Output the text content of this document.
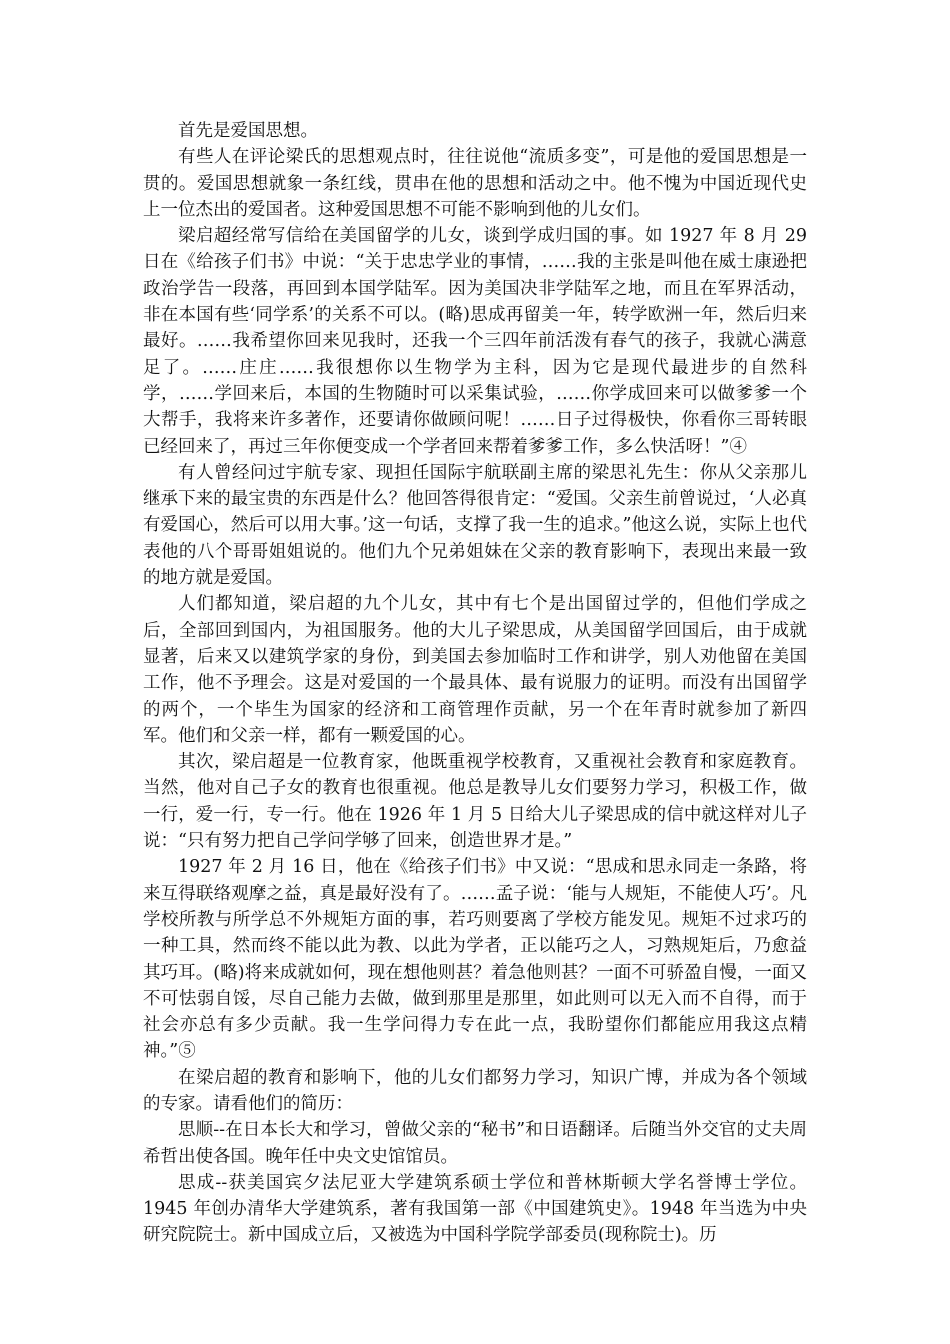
首先是爱国思想。

有些人在评论梁氏的思想观点时，往往说他“流质多变”，可是他的爱国思想是一贯的。爱国思想就象一条红线，贯串在他的思想和活动之中。他不愧为中国近现代史上一位杰出的爱国者。这种爱国思想不可能不影响到他的儿女们。

梁启超经常写信给在美国留学的儿女，谈到学成归国的事。如 1927 年 8 月 29 日在《给孩子们书》中说：“关于忠忠学业的事情，……我的主张是叫他在威士康逊把政治学告一段落，再回到本国学陆军。因为美国决非学陆军之地，而且在军界活动，非在本国有些‘同学系’的关系不可以。(略)思成再留美一年，转学欧洲一年，然后归来最好。……我希望你回来见我时，还我一个三四年前活泼有春气的孩子，我就心满意足了。……庄庄……我很想你以生物学为主科，因为它是现代最进步的自然科学，……学回来后，本国的生物随时可以采集试验，……你学成回来可以做爹爹一个大帮手，我将来许多著作，还要请你做顾问呢！……日子过得极快，你看你三哥转眼已经回来了，再过三年你便变成一个学者回来帮着爹爹工作，多么快活呀！”④

有人曾经问过宇航专家、现担任国际宇航联副主席的梁思礼先生：你从父亲那儿继承下来的最宝贵的东西是什么？他回答得很肯定：“爱国。父亲生前曾说过，‘人必真有爱国心，然后可以用大事。’这一句话，支撑了我一生的追求。”他这么说，实际上也代表他的八个哥哥姐姐说的。他们九个兄弟姐妹在父亲的教育影响下，表现出来最一致的地方就是爱国。

人们都知道，梁启超的九个儿女，其中有七个是出国留过学的，但他们学成之后，全部回到国内，为祖国服务。他的大儿子梁思成，从美国留学回国后，由于成就显著，后来又以建筑学家的身份，到美国去参加临时工作和讲学，别人劝他留在美国工作，他不予理会。这是对爱国的一个最具体、最有说服力的证明。而没有出国留学的两个，一个毕生为国家的经济和工商管理作贡献，另一个在年青时就参加了新四军。他们和父亲一样，都有一颗爱国的心。

其次，梁启超是一位教育家，他既重视学校教育，又重视社会教育和家庭教育。当然，他对自己子女的教育也很重视。他总是教导儿女们要努力学习，积极工作，做一行，爱一行，专一行。他在 1926 年 1 月 5 日给大儿子梁思成的信中就这样对儿子说：“只有努力把自己学问学够了回来，创造世界才是。”

1927 年 2 月 16 日，他在《给孩子们书》中又说：“思成和思永同走一条路，将来互得联络观摩之益，真是最好没有了。……孟子说：‘能与人规矩，不能使人巧’。凡学校所教与所学总不外规矩方面的事，若巧则要离了学校方能发见。规矩不过求巧的一种工具，然而终不能以此为教、以此为学者，正以能巧之人，习熟规矩后，乃愈益其巧耳。(略)将来成就如何，现在想他则甚？着急他则甚？一面不可骄盈自慢，一面又不可怯弱自馁，尽自己能力去做，做到那里是那里，如此则可以无入而不自得，而于社会亦总有多少贡献。我一生学问得力专在此一点，我盼望你们都能应用我这点精神。”⑤

在梁启超的教育和影响下，他的儿女们都努力学习，知识广博，并成为各个领域的专家。请看他们的简历：

思顺--在日本长大和学习，曾做父亲的“秘书”和日语翻译。后随当外交官的丈夫周希哲出使各国。晚年任中央文史馆馆员。

思成--获美国宾夕法尼亚大学建筑系硕士学位和普林斯顿大学名誉博士学位。1945 年创办清华大学建筑系，著有我国第一部《中国建筑史》。1948 年当选为中央研究院院士。新中国成立后，又被选为中国科学院学部委员(现称院士)。历
